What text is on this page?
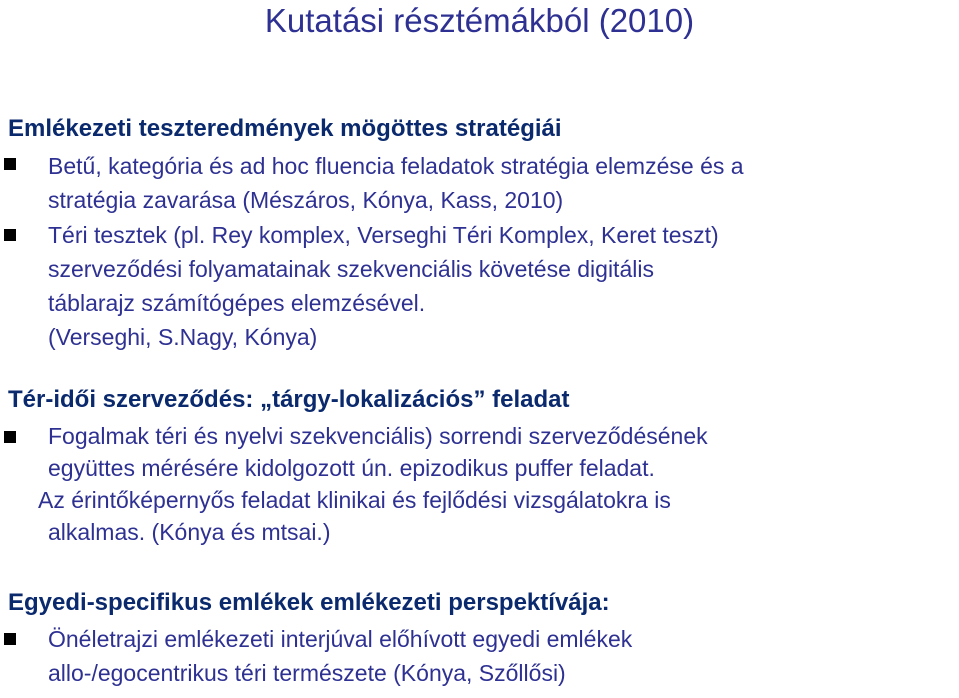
Kutatási résztémákból (2010)
Emlékezeti teszteredmények mögöttes stratégiái

Betű, kategória és ad hoc fluencia feladatok stratégia elemzése és a
stratégia zavarása (Mészáros, Kónya, Kass, 2010)

Téri tesztek (pl. Rey komplex, Verseghi Téri Komplex, Keret teszt)
szerveződési folyamatainak szekvenciális követése digitális
táblarajz számítógépes elemzésével.
(Verseghi, S.Nagy, Kónya)

Tér-idői szerveződés: „tárgy-lokalizációs” feladat

Fogalmak téri és nyelvi szekvenciális) sorrendi szerveződésének
együttes mérésére kidolgozott ún. epizodikus puffer feladat.

Az érintőképernyős feladat klinikai és fejlődési vizsgálatokra is
alkalmas. (Kónya és mtsai.)

Egyedi-specifikus emlékek emlékezeti perspektívája:

Önéletrajzi emlékezeti interjúval előhívott egyedi emlékek
allo-/egocentrikus téri természete (Kónya, Szőllősi)
